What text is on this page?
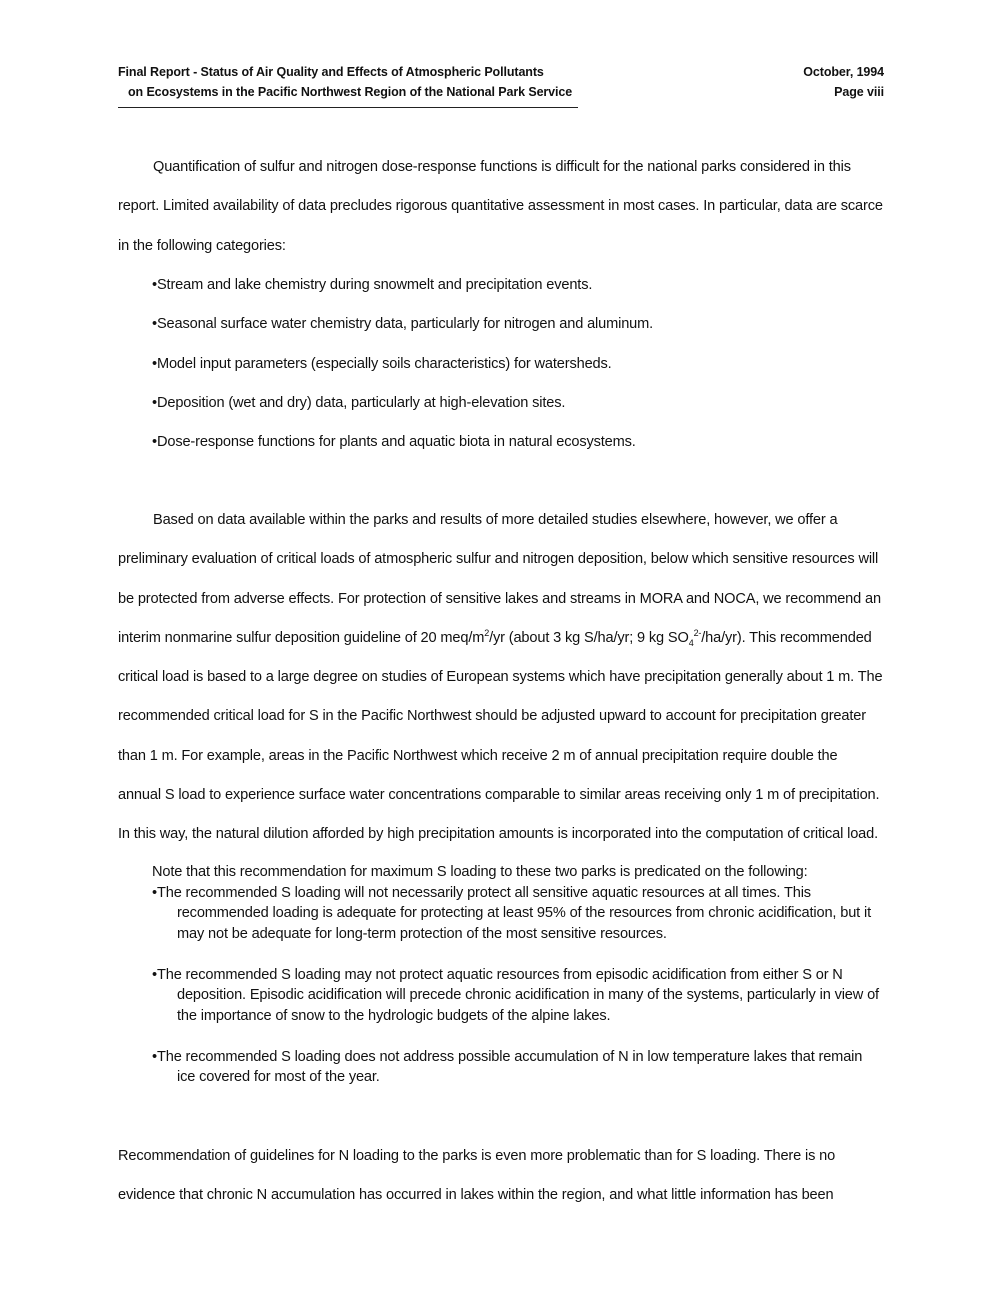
Final Report - Status of Air Quality and Effects of Atmospheric Pollutants
on Ecosystems in the Pacific Northwest Region of the National Park Service
October, 1994
Page viii

Quantification of sulfur and nitrogen dose-response functions is difficult for the national parks considered in this report. Limited availability of data precludes rigorous quantitative assessment in most cases. In particular, data are scarce in the following categories:

•Stream and lake chemistry during snowmelt and precipitation events.
•Seasonal surface water chemistry data, particularly for nitrogen and aluminum.
•Model input parameters (especially soils characteristics) for watersheds.
•Deposition (wet and dry) data, particularly at high-elevation sites.
•Dose-response functions for plants and aquatic biota in natural ecosystems.

Based on data available within the parks and results of more detailed studies elsewhere, however, we offer a preliminary evaluation of critical loads of atmospheric sulfur and nitrogen deposition, below which sensitive resources will be protected from adverse effects. For protection of sensitive lakes and streams in MORA and NOCA, we recommend an interim nonmarine sulfur deposition guideline of 20 meq/$m^2/yr$ (about 3 kg S/ha/yr; 9 kg $SO_4^{2-}/ha/yr$). This recommended critical load is based to a large degree on studies of European systems which have precipitation generally about 1 m. The recommended critical load for S in the Pacific Northwest should be adjusted upward to account for precipitation greater than 1 m. For example, areas in the Pacific Northwest which receive 2 m of annual precipitation require double the annual S load to experience surface water concentrations comparable to similar areas receiving only 1 m of precipitation. In this way, the natural dilution afforded by high precipitation amounts is incorporated into the computation of critical load.

Note that this recommendation for maximum S loading to these two parks is predicated on the following:

•The recommended S loading will not necessarily protect all sensitive aquatic resources at all times. This recommended loading is adequate for protecting at least 95% of the resources from chronic acidification, but it may not be adequate for long-term protection of the most sensitive resources.

•The recommended S loading may not protect aquatic resources from episodic acidification from either S or N deposition. Episodic acidification will precede chronic acidification in many of the systems, particularly in view of the importance of snow to the hydrologic budgets of the alpine lakes.

•The recommended S loading does not address possible accumulation of N in low temperature lakes that remain ice covered for most of the year.

Recommendation of guidelines for N loading to the parks is even more problematic than for S loading. There is no evidence that chronic N accumulation has occurred in lakes within the region, and what little information has been
